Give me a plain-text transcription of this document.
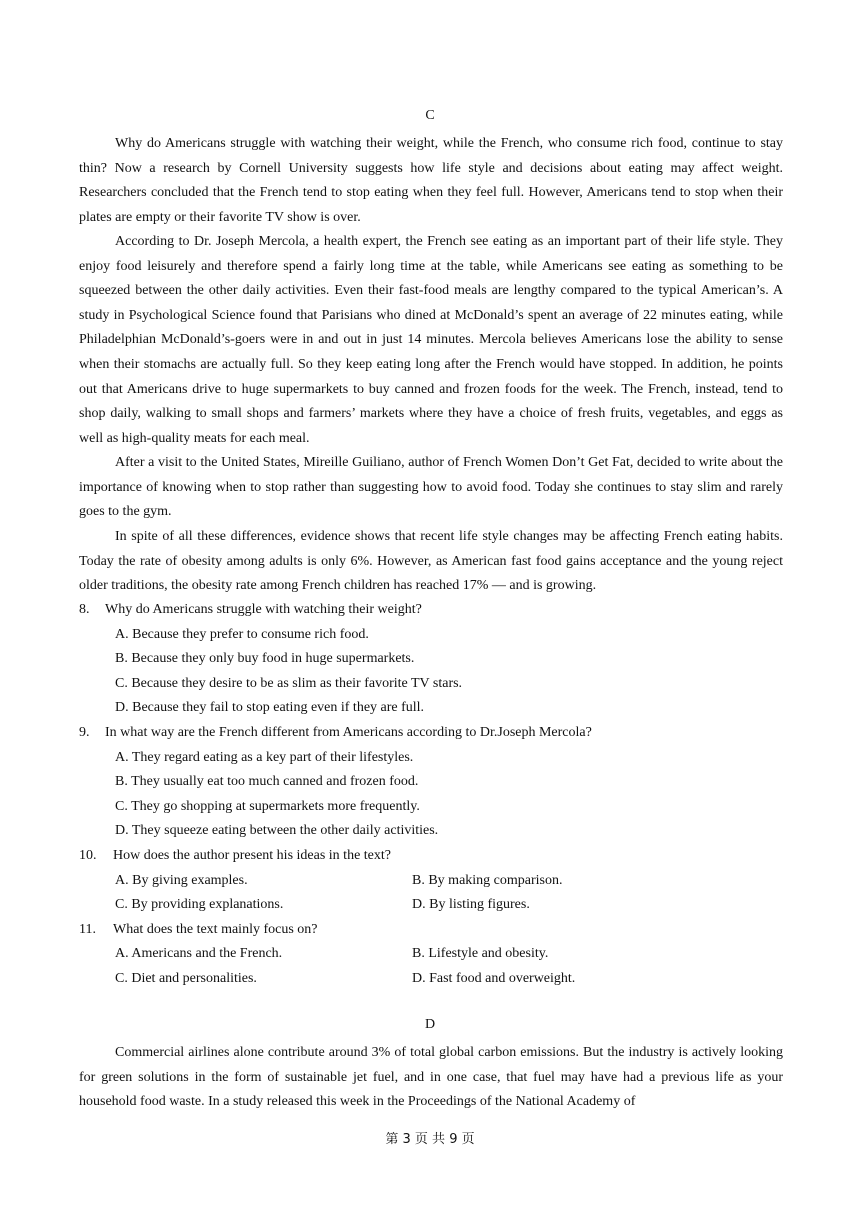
C

Why do Americans struggle with watching their weight, while the French, who consume rich food, continue to stay thin? Now a research by Cornell University suggests how life style and decisions about eating may affect weight. Researchers concluded that the French tend to stop eating when they feel full. However, Americans tend to stop when their plates are empty or their favorite TV show is over.

According to Dr. Joseph Mercola, a health expert, the French see eating as an important part of their life style. They enjoy food leisurely and therefore spend a fairly long time at the table, while Americans see eating as something to be squeezed between the other daily activities. Even their fast-food meals are lengthy compared to the typical American’s. A study in Psychological Science found that Parisians who dined at McDonald’s spent an average of 22 minutes eating, while Philadelphian McDonald’s-goers were in and out in just 14 minutes. Mercola believes Americans lose the ability to sense when their stomachs are actually full. So they keep eating long after the French would have stopped. In addition, he points out that Americans drive to huge supermarkets to buy canned and frozen foods for the week. The French, instead, tend to shop daily, walking to small shops and farmers’ markets where they have a choice of fresh fruits, vegetables, and eggs as well as high-quality meats for each meal.

After a visit to the United States, Mireille Guiliano, author of French Women Don’t Get Fat, decided to write about the importance of knowing when to stop rather than suggesting how to avoid food. Today she continues to stay slim and rarely goes to the gym.

In spite of all these differences, evidence shows that recent life style changes may be affecting French eating habits. Today the rate of obesity among adults is only 6%. However, as American fast food gains acceptance and the young reject older traditions, the obesity rate among French children has reached 17% — and is growing.

8. Why do Americans struggle with watching their weight?
A. Because they prefer to consume rich food.
B. Because they only buy food in huge supermarkets.
C. Because they desire to be as slim as their favorite TV stars.
D. Because they fail to stop eating even if they are full.
9. In what way are the French different from Americans according to Dr.Joseph Mercola?
A. They regard eating as a key part of their lifestyles.
B. They usually eat too much canned and frozen food.
C. They go shopping at supermarkets more frequently.
D. They squeeze eating between the other daily activities.
10. How does the author present his ideas in the text?
A. By giving examples.	B. By making comparison.
C. By providing explanations.	D. By listing figures.
11. What does the text mainly focus on?
A. Americans and the French.	B. Lifestyle and obesity.
C. Diet and personalities.	D. Fast food and overweight.
D

Commercial airlines alone contribute around 3% of total global carbon emissions. But the industry is actively looking for green solutions in the form of sustainable jet fuel, and in one case, that fuel may have had a previous life as your household food waste. In a study released this week in the Proceedings of the National Academy of

第 3 页 共 9 页
